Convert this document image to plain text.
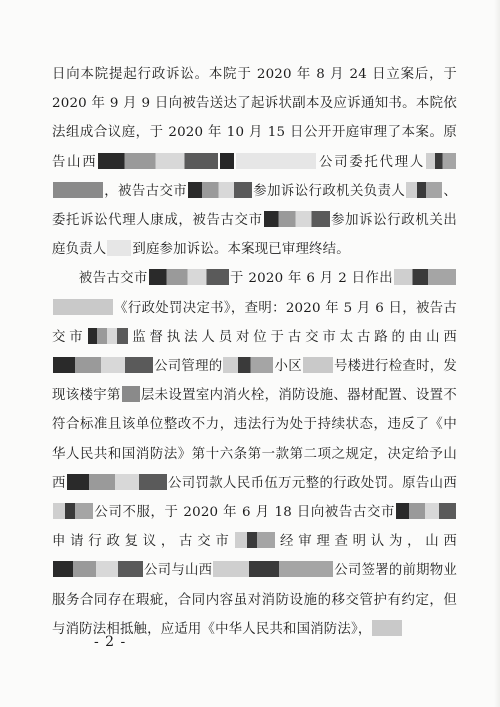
日向本院提起行政诉讼。本院于 2020 年 8 月 24 日立案后，于 2020 年 9 月 9 日向被告送达了起诉状副本及应诉通知书。本院依法组成合议庭，于 2020 年 10 月 15 日公开开庭审理了本案。原告山西	公司委托代理人，被告古交市	参加诉讼行政机关负责人	、委托诉讼代理人康成，被告古交市	参加诉讼行政机关出庭负责人 到庭参加诉讼。本案现已审理终结。

被告古交市	于 2020 年 6 月 2 日作出《行政处罚决定书》，查明：2020 年 5 月 6 日，被告古交市	监督执法人员对位于古交市太古路的由山西公司管理的	小区 号楼进行检查时，发现该楼宇第 层未设置室内消火栓，消防设施、器材配置、设置不符合标准且该单位整改不力，违法行为处于持续状态，违反了《中华人民共和国消防法》第十六条第一款第二项之规定，决定给予山西	公司罚款人民币伍万元整的行政处罚。原告山西公司不服，于 2020 年 6 月 18 日向被告古交市申请行政复议，古交市	经审理查明认为，山西公司与山西	公司签署的前期物业服务合同存在瑕疵，合同内容虽对消防设施的移交管护有约定，但与消防法相抵触，应适用《中华人民共和国消防法》，

- 2 -
